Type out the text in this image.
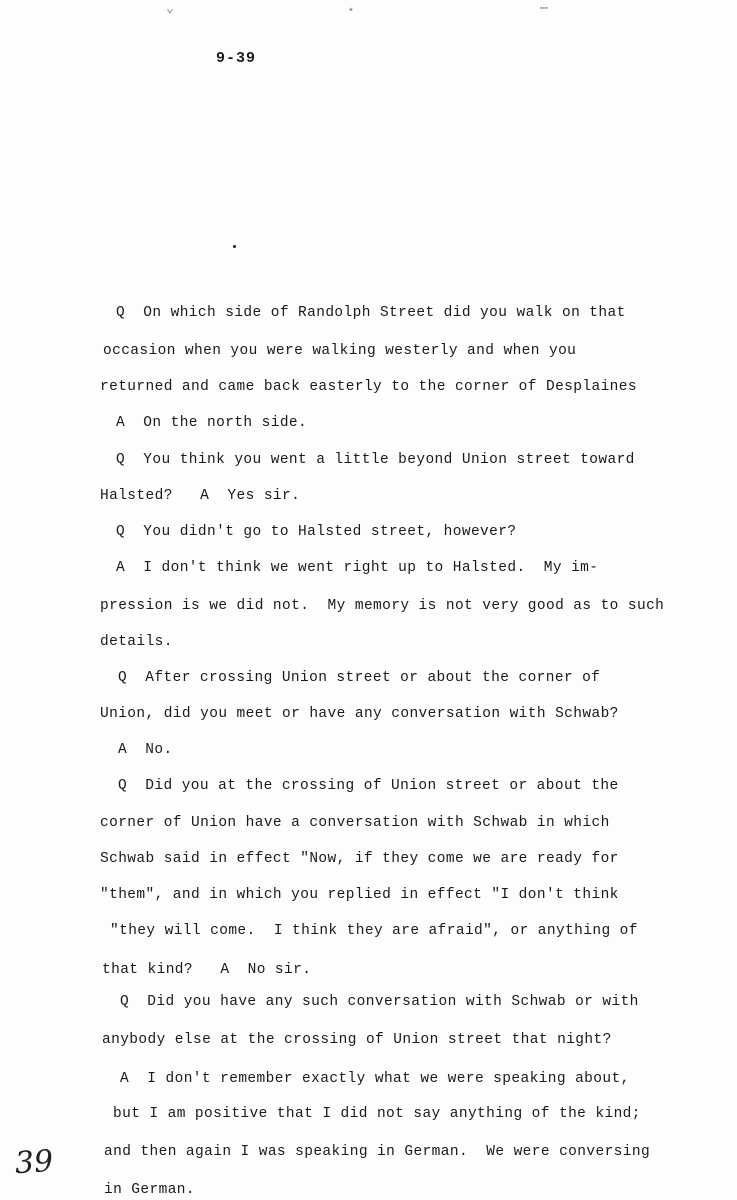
⌄	⋆	⋯
9-39
Q  On which side of Randolph Street did you walk on that
occasion when you were walking westerly and when you
returned and came back easterly to the corner of Desplaines
A  On the north side.
Q  You think you went a little beyond Union street toward
Halsted?   A  Yes sir.
Q  You didn't go to Halsted street, however?
A  I don't think we went right up to Halsted.  My im-
pression is we did not.  My memory is not very good as to such
details.
Q  After crossing Union street or about the corner of
Union, did you meet or have any conversation with Schwab?
A  No.
Q  Did you at the crossing of Union street or about the
corner of Union have a conversation with Schwab in which
Schwab said in effect "Now, if they come we are ready for
"them", and in which you replied in effect "I don't think
"they will come.  I think they are afraid", or anything of
that kind?   A  No sir.
Q  Did you have any such conversation with Schwab or with
anybody else at the crossing of Union street that night?
A  I don't remember exactly what we were speaking about,
but I am positive that I did not say anything of the kind;
and then again I was speaking in German.  We were conversing
in German.
39
